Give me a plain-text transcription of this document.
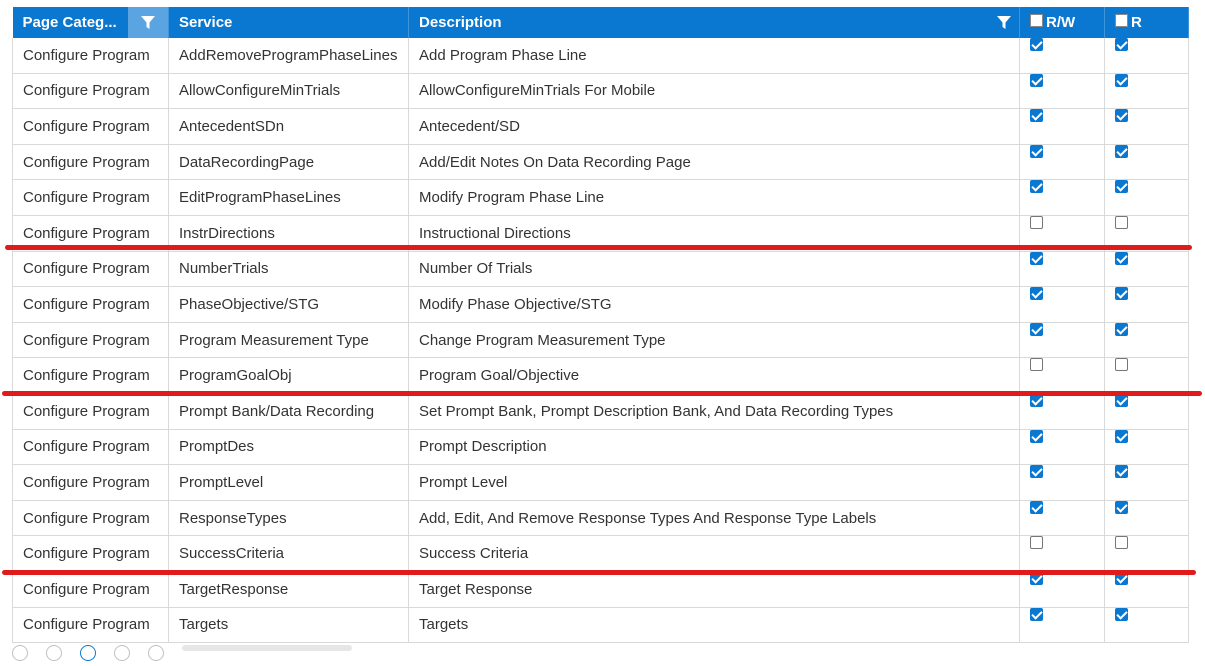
Page Categ...	Service	Description	R/W	R
Configure Program	AddRemoveProgramPhaseLines	Add Program Phase Line		
Configure Program	AllowConfigureMinTrials	AllowConfigureMinTrials For Mobile		
Configure Program	AntecedentSDn	Antecedent/SD		
Configure Program	DataRecordingPage	Add/Edit Notes On Data Recording Page		
Configure Program	EditProgramPhaseLines	Modify Program Phase Line		
Configure Program	InstrDirections	Instructional Directions		
Configure Program	NumberTrials	Number Of Trials		
Configure Program	PhaseObjective/STG	Modify Phase Objective/STG		
Configure Program	Program Measurement Type	Change Program Measurement Type		
Configure Program	ProgramGoalObj	Program Goal/Objective		
Configure Program	Prompt Bank/Data Recording	Set Prompt Bank, Prompt Description Bank, And Data Recording Types		
Configure Program	PromptDes	Prompt Description		
Configure Program	PromptLevel	Prompt Level		
Configure Program	ResponseTypes	Add, Edit, And Remove Response Types And Response Type Labels		
Configure Program	SuccessCriteria	Success Criteria		
Configure Program	TargetResponse	Target Response		
Configure Program	Targets	Targets		
